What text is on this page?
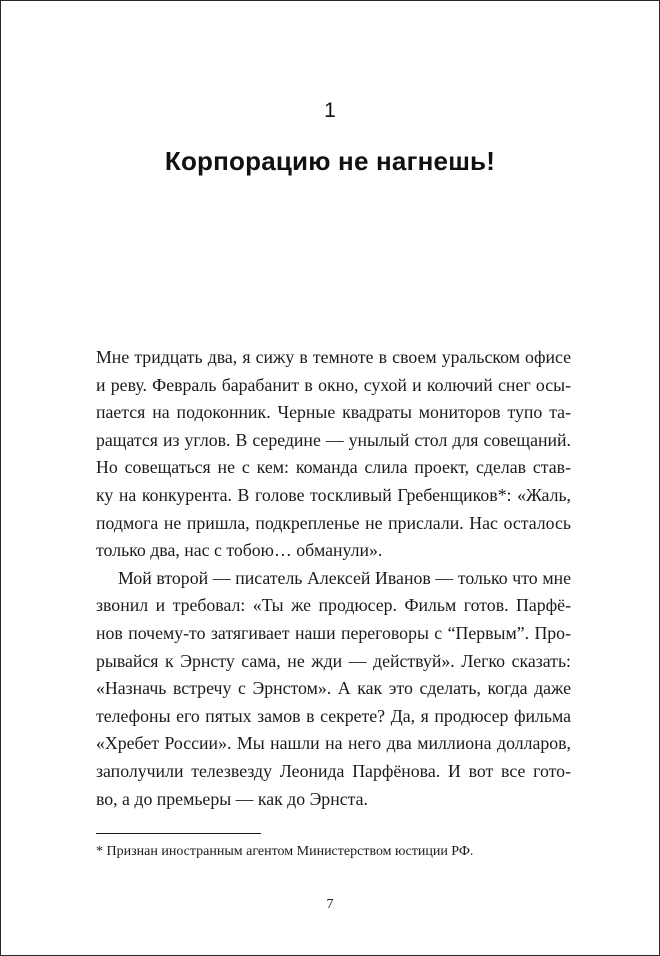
1
Корпорацию не нагнешь!
Мне тридцать два, я сижу в темноте в своем уральском офисе
и реву. Февраль барабанит в окно, сухой и колючий снег осы-
пается на подоконник. Черные квадраты мониторов тупо та-
ращатся из углов. В середине — унылый стол для совещаний.
Но совещаться не с кем: команда слила проект, сделав став-
ку на конкурента. В голове тоскливый Гребенщиков*: «Жаль,
подмога не пришла, подкрепленье не прислали. Нас осталось
только два, нас с тобою… обманули».
Мой второй — писатель Алексей Иванов — только что мне
звонил и требовал: «Ты же продюсер. Фильм готов. Парфё-
нов почему-то затягивает наши переговоры с “Первым”. Про-
рывайся к Эрнсту сама, не жди — действуй». Легко сказать:
«Назначь встречу с Эрнстом». А как это сделать, когда даже
телефоны его пятых замов в секрете? Да, я продюсер фильма
«Хребет России». Мы нашли на него два миллиона долларов,
заполучили телезвезду Леонида Парфёнова. И вот все гото-
во, а до премьеры — как до Эрнста.
* Признан иностранным агентом Министерством юстиции РФ.
7
